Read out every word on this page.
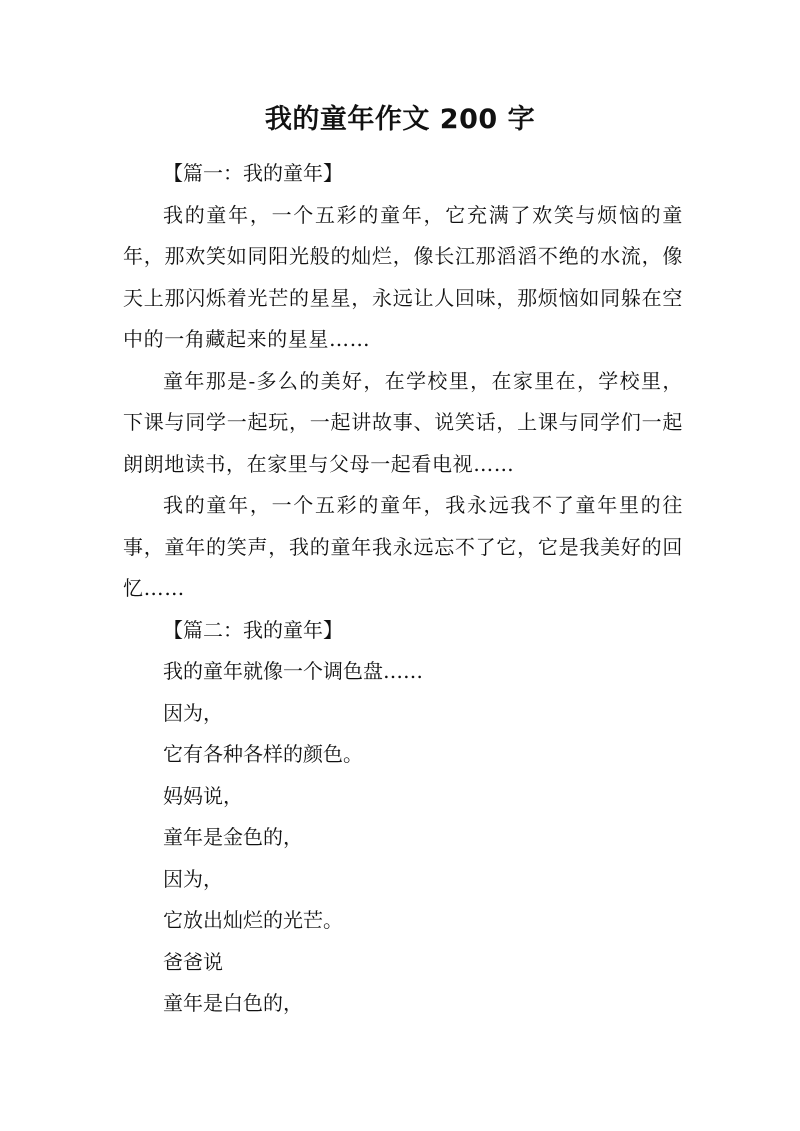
我的童年作文 200 字

【篇一：我的童年】

我的童年，一个五彩的童年，它充满了欢笑与烦恼的童年，那欢笑如同阳光般的灿烂，像长江那滔滔不绝的水流，像天上那闪烁着光芒的星星，永远让人回味，那烦恼如同躲在空中的一角藏起来的星星……

童年那是-多么的美好，在学校里，在家里在，学校里，下课与同学一起玩，一起讲故事、说笑话，上课与同学们一起朗朗地读书，在家里与父母一起看电视……

我的童年，一个五彩的童年，我永远我不了童年里的往事，童年的笑声，我的童年我永远忘不了它，它是我美好的回忆……

【篇二：我的童年】

我的童年就像一个调色盘……

因为，

它有各种各样的颜色。

妈妈说，

童年是金色的，

因为，

它放出灿烂的光芒。

爸爸说

童年是白色的，
